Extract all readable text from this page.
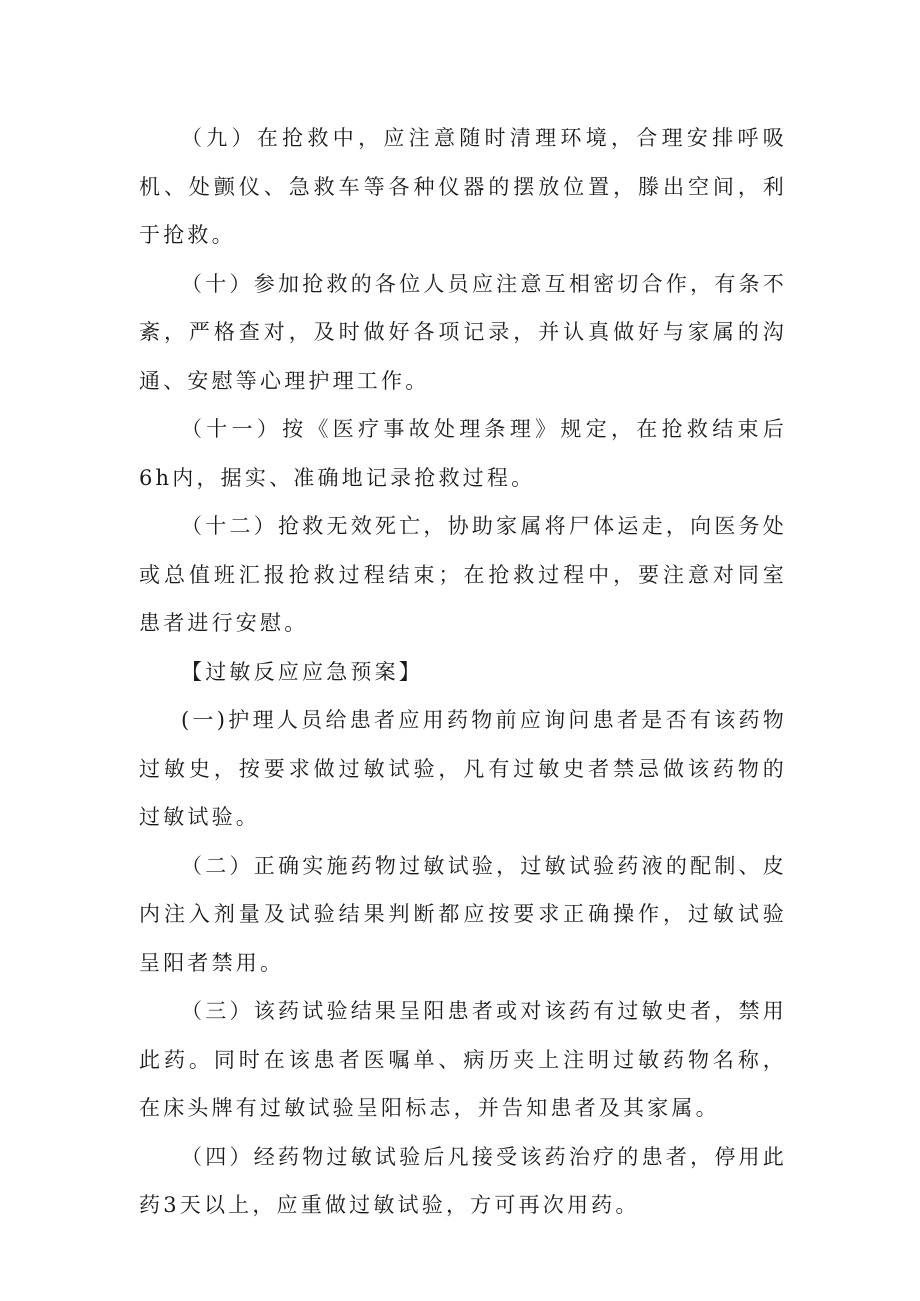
（九）在抢救中，应注意随时清理环境，合理安排呼吸机、处颤仪、急救车等各种仪器的摆放位置，滕出空间，利于抢救。

（十）参加抢救的各位人员应注意互相密切合作，有条不紊，严格查对，及时做好各项记录，并认真做好与家属的沟通、安慰等心理护理工作。

（十一）按《医疗事故处理条理》规定，在抢救结束后6h内，据实、准确地记录抢救过程。

（十二）抢救无效死亡，协助家属将尸体运走，向医务处或总值班汇报抢救过程结束；在抢救过程中，要注意对同室患者进行安慰。

【过敏反应应急预案】

(一)护理人员给患者应用药物前应询问患者是否有该药物过敏史，按要求做过敏试验，凡有过敏史者禁忌做该药物的过敏试验。

（二）正确实施药物过敏试验，过敏试验药液的配制、皮内注入剂量及试验结果判断都应按要求正确操作，过敏试验呈阳者禁用。

（三）该药试验结果呈阳患者或对该药有过敏史者，禁用此药。同时在该患者医嘱单、病历夹上注明过敏药物名称，在床头牌有过敏试验呈阳标志，并告知患者及其家属。

（四）经药物过敏试验后凡接受该药治疗的患者，停用此药3天以上，应重做过敏试验，方可再次用药。
